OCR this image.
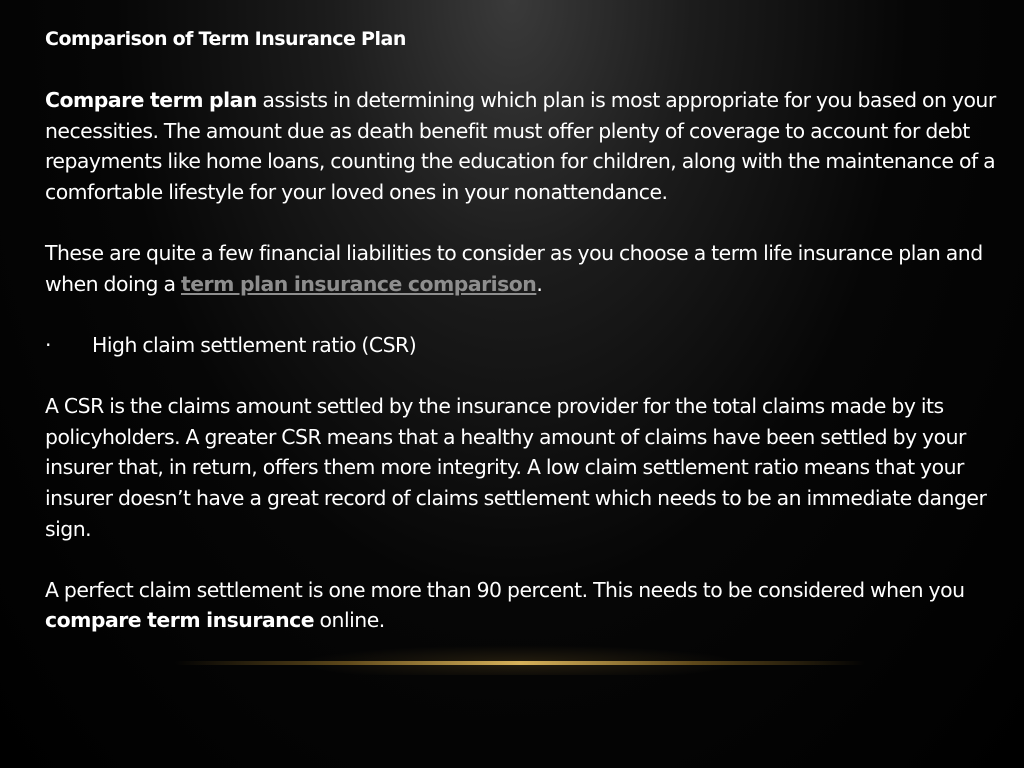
Comparison of Term Insurance Plan

Compare term plan assists in determining which plan is most appropriate for you based on your necessities. The amount due as death benefit must offer plenty of coverage to account for debt repayments like home loans, counting the education for children, along with the maintenance of a comfortable lifestyle for your loved ones in your nonattendance.

These are quite a few financial liabilities to consider as you choose a term life insurance plan and when doing a term plan insurance comparison.

·	High claim settlement ratio (CSR)

A CSR is the claims amount settled by the insurance provider for the total claims made by its policyholders. A greater CSR means that a healthy amount of claims have been settled by your insurer that, in return, offers them more integrity. A low claim settlement ratio means that your insurer doesn’t have a great record of claims settlement which needs to be an immediate danger sign.

A perfect claim settlement is one more than 90 percent. This needs to be considered when you compare term insurance online.
